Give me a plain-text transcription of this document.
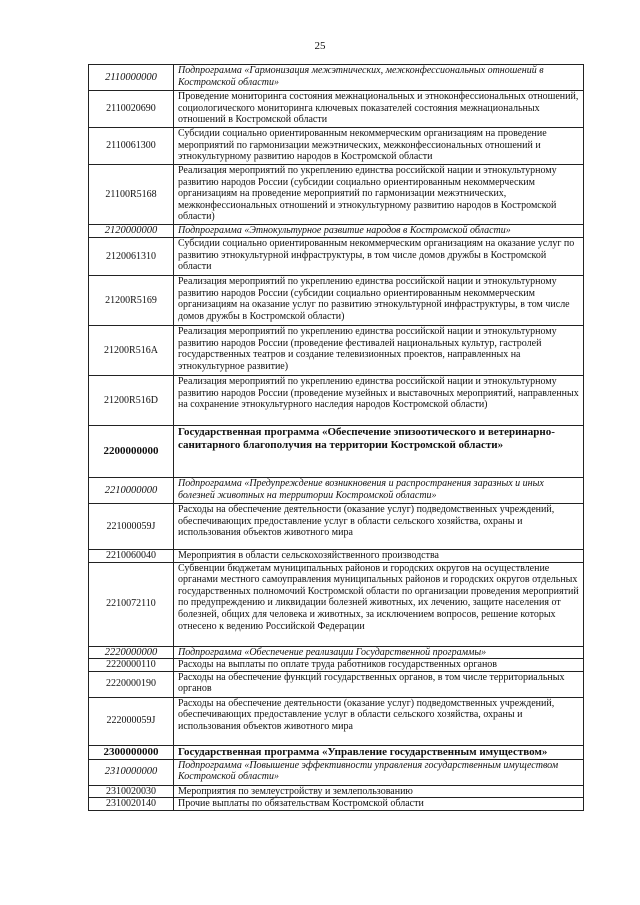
25
2110000000	Подпрограмма «Гармонизация межэтнических, межконфессиональных отношений в Костромской области»
2110020690	Проведение мониторинга состояния межнациональных и этноконфессиональных отношений, социологического мониторинга ключевых показателей состояния межнациональных отношений в Костромской области
2110061300	Субсидии социально ориентированным некоммерческим организациям на проведение мероприятий по гармонизации межэтнических, межконфессиональных отношений и этнокультурному развитию народов в Костромской области
21100R5168	Реализация мероприятий по укреплению единства российской нации и этнокультурному развитию народов России (субсидии социально ориентированным некоммерческим организациям на проведение мероприятий по гармонизации межэтнических, межконфессиональных отношений и этнокультурному развитию народов в Костромской области)
2120000000	Подпрограмма «Этнокультурное развитие народов в Костромской области»
2120061310	Субсидии социально ориентированным некоммерческим организациям на оказание услуг по развитию этнокультурной инфраструктуры, в том числе домов дружбы в Костромской области
21200R5169	Реализация мероприятий по укреплению единства российской нации и этнокультурному развитию народов России (субсидии социально ориентированным некоммерческим организациям на оказание услуг по развитию этнокультурной инфраструктуры, в том числе домов дружбы в Костромской области)
21200R516A	Реализация мероприятий по укреплению единства российской нации и этнокультурному развитию народов России (проведение фестивалей национальных культур, гастролей государственных театров и создание телевизионных проектов, направленных на этнокультурное развитие)
21200R516D	Реализация мероприятий по укреплению единства российской нации и этнокультурному развитию народов России (проведение музейных и выставочных мероприятий, направленных на сохранение этнокультурного наследия народов Костромской области)
2200000000	Государственная программа «Обеспечение эпизоотического и ветеринарно-санитарного благополучия на территории Костромской области»
2210000000	Подпрограмма «Предупреждение возникновения и распространения заразных и иных болезней животных на территории Костромской области»
221000059J	Расходы на обеспечение деятельности (оказание услуг) подведомственных учреждений, обеспечивающих предоставление услуг в области сельского хозяйства, охраны и использования объектов животного мира
2210060040	Мероприятия в области сельскохозяйственного производства
2210072110	Субвенции бюджетам муниципальных районов и городских округов на осуществление органами местного самоуправления муниципальных районов и городских округов отдельных государственных полномочий Костромской области по организации проведения мероприятий по предупреждению и ликвидации болезней животных, их лечению, защите населения от болезней, общих для человека и животных, за исключением вопросов, решение которых отнесено к ведению Российской Федерации
2220000000	Подпрограмма «Обеспечение реализации Государственной программы»
2220000110	Расходы на выплаты по оплате труда работников государственных органов
2220000190	Расходы на обеспечение функций государственных органов, в том числе территориальных органов
222000059J	Расходы на обеспечение деятельности (оказание услуг) подведомственных учреждений, обеспечивающих предоставление услуг в области сельского хозяйства, охраны и использования объектов животного мира
2300000000	Государственная программа «Управление государственным имуществом»
2310000000	Подпрограмма «Повышение эффективности управления государственным имуществом Костромской области»
2310020030	Мероприятия по землеустройству и землепользованию
2310020140	Прочие выплаты по обязательствам Костромской области
